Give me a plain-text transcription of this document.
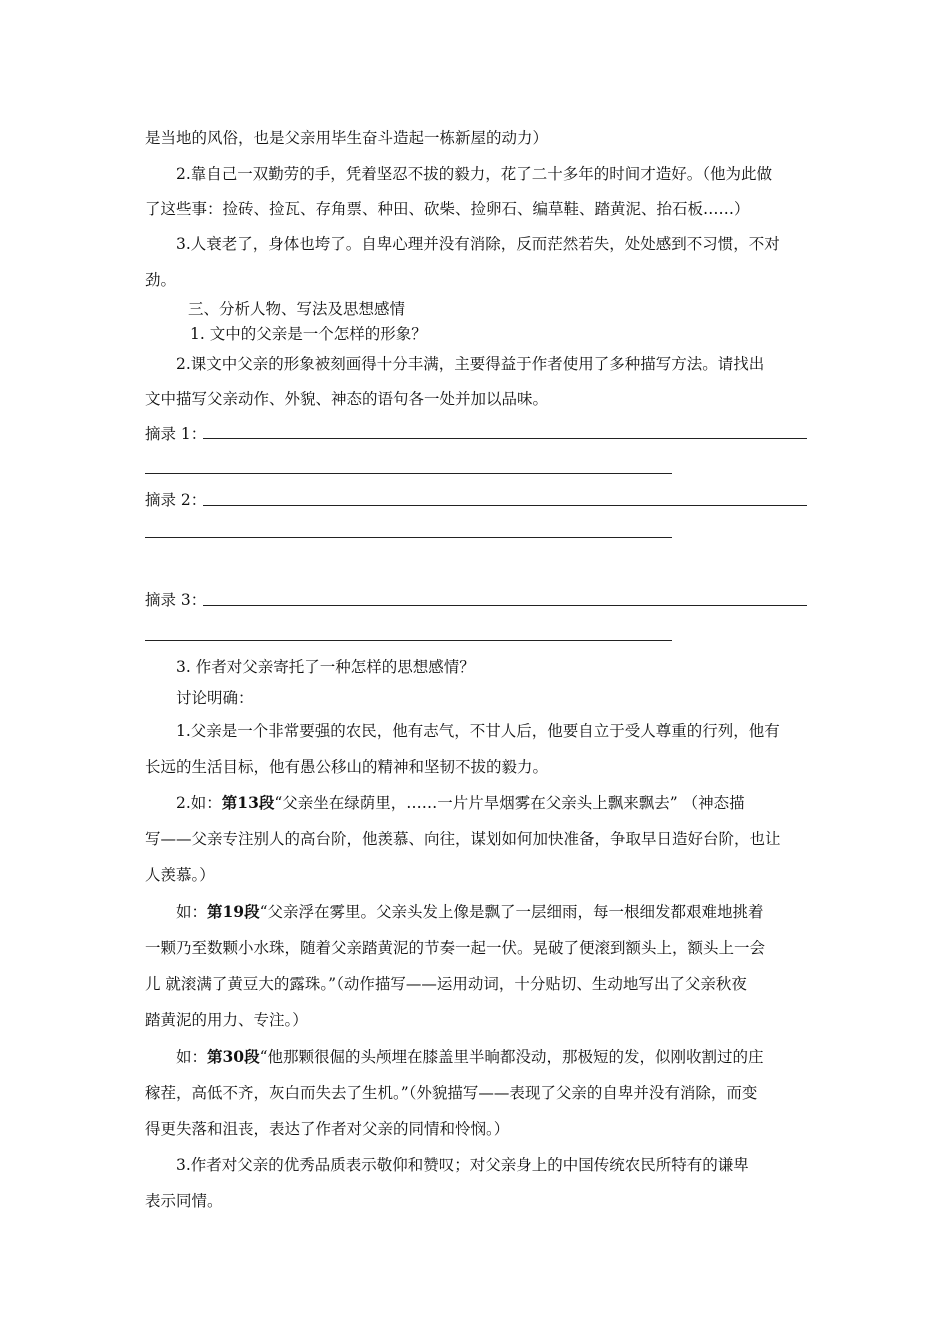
是当地的风俗，也是父亲用毕生奋斗造起一栋新屋的动力）
2.靠自己一双勤劳的手，凭着坚忍不拔的毅力，花了二十多年的时间才造好。（他为此做
了这些事：捡砖、捡瓦、存角票、种田、砍柴、捡卵石、编草鞋、踏黄泥、抬石板……）
3.人衰老了，身体也垮了。自卑心理并没有消除，反而茫然若失，处处感到不习惯，不对
劲。
三、分析人物、写法及思想感情
1. 文中的父亲是一个怎样的形象？
2.课文中父亲的形象被刻画得十分丰满，主要得益于作者使用了多种描写方法。请找出
文中描写父亲动作、外貌、神态的语句各一处并加以品味。
摘录 1：
摘录 2：
摘录 3：
3. 作者对父亲寄托了一种怎样的思想感情？
讨论明确：
1.父亲是一个非常要强的农民，他有志气，不甘人后，他要自立于受人尊重的行列，他有
长远的生活目标，他有愚公移山的精神和坚韧不拔的毅力。
2.如：第13段“父亲坐在绿荫里，……一片片旱烟雾在父亲头上飘来飘去” （神态描
写——父亲专注别人的高台阶，他羡慕、向往，谋划如何加快准备，争取早日造好台阶，也让
人羡慕。）
如：第19段“父亲浮在雾里。父亲头发上像是飘了一层细雨，每一根细发都艰难地挑着
一颗乃至数颗小水珠，随着父亲踏黄泥的节奏一起一伏。晃破了便滚到额头上，额头上一会
儿 就滚满了黄豆大的露珠。”（动作描写——运用动词，十分贴切、生动地写出了父亲秋夜
踏黄泥的用力、专注。）
如：第30段“他那颗很倔的头颅埋在膝盖里半晌都没动，那极短的发，似刚收割过的庄
稼茬，高低不齐，灰白而失去了生机。”（外貌描写——表现了父亲的自卑并没有消除，而变
得更失落和沮丧，表达了作者对父亲的同情和怜悯。）
3.作者对父亲的优秀品质表示敬仰和赞叹；对父亲身上的中国传统农民所特有的谦卑
表示同情。
